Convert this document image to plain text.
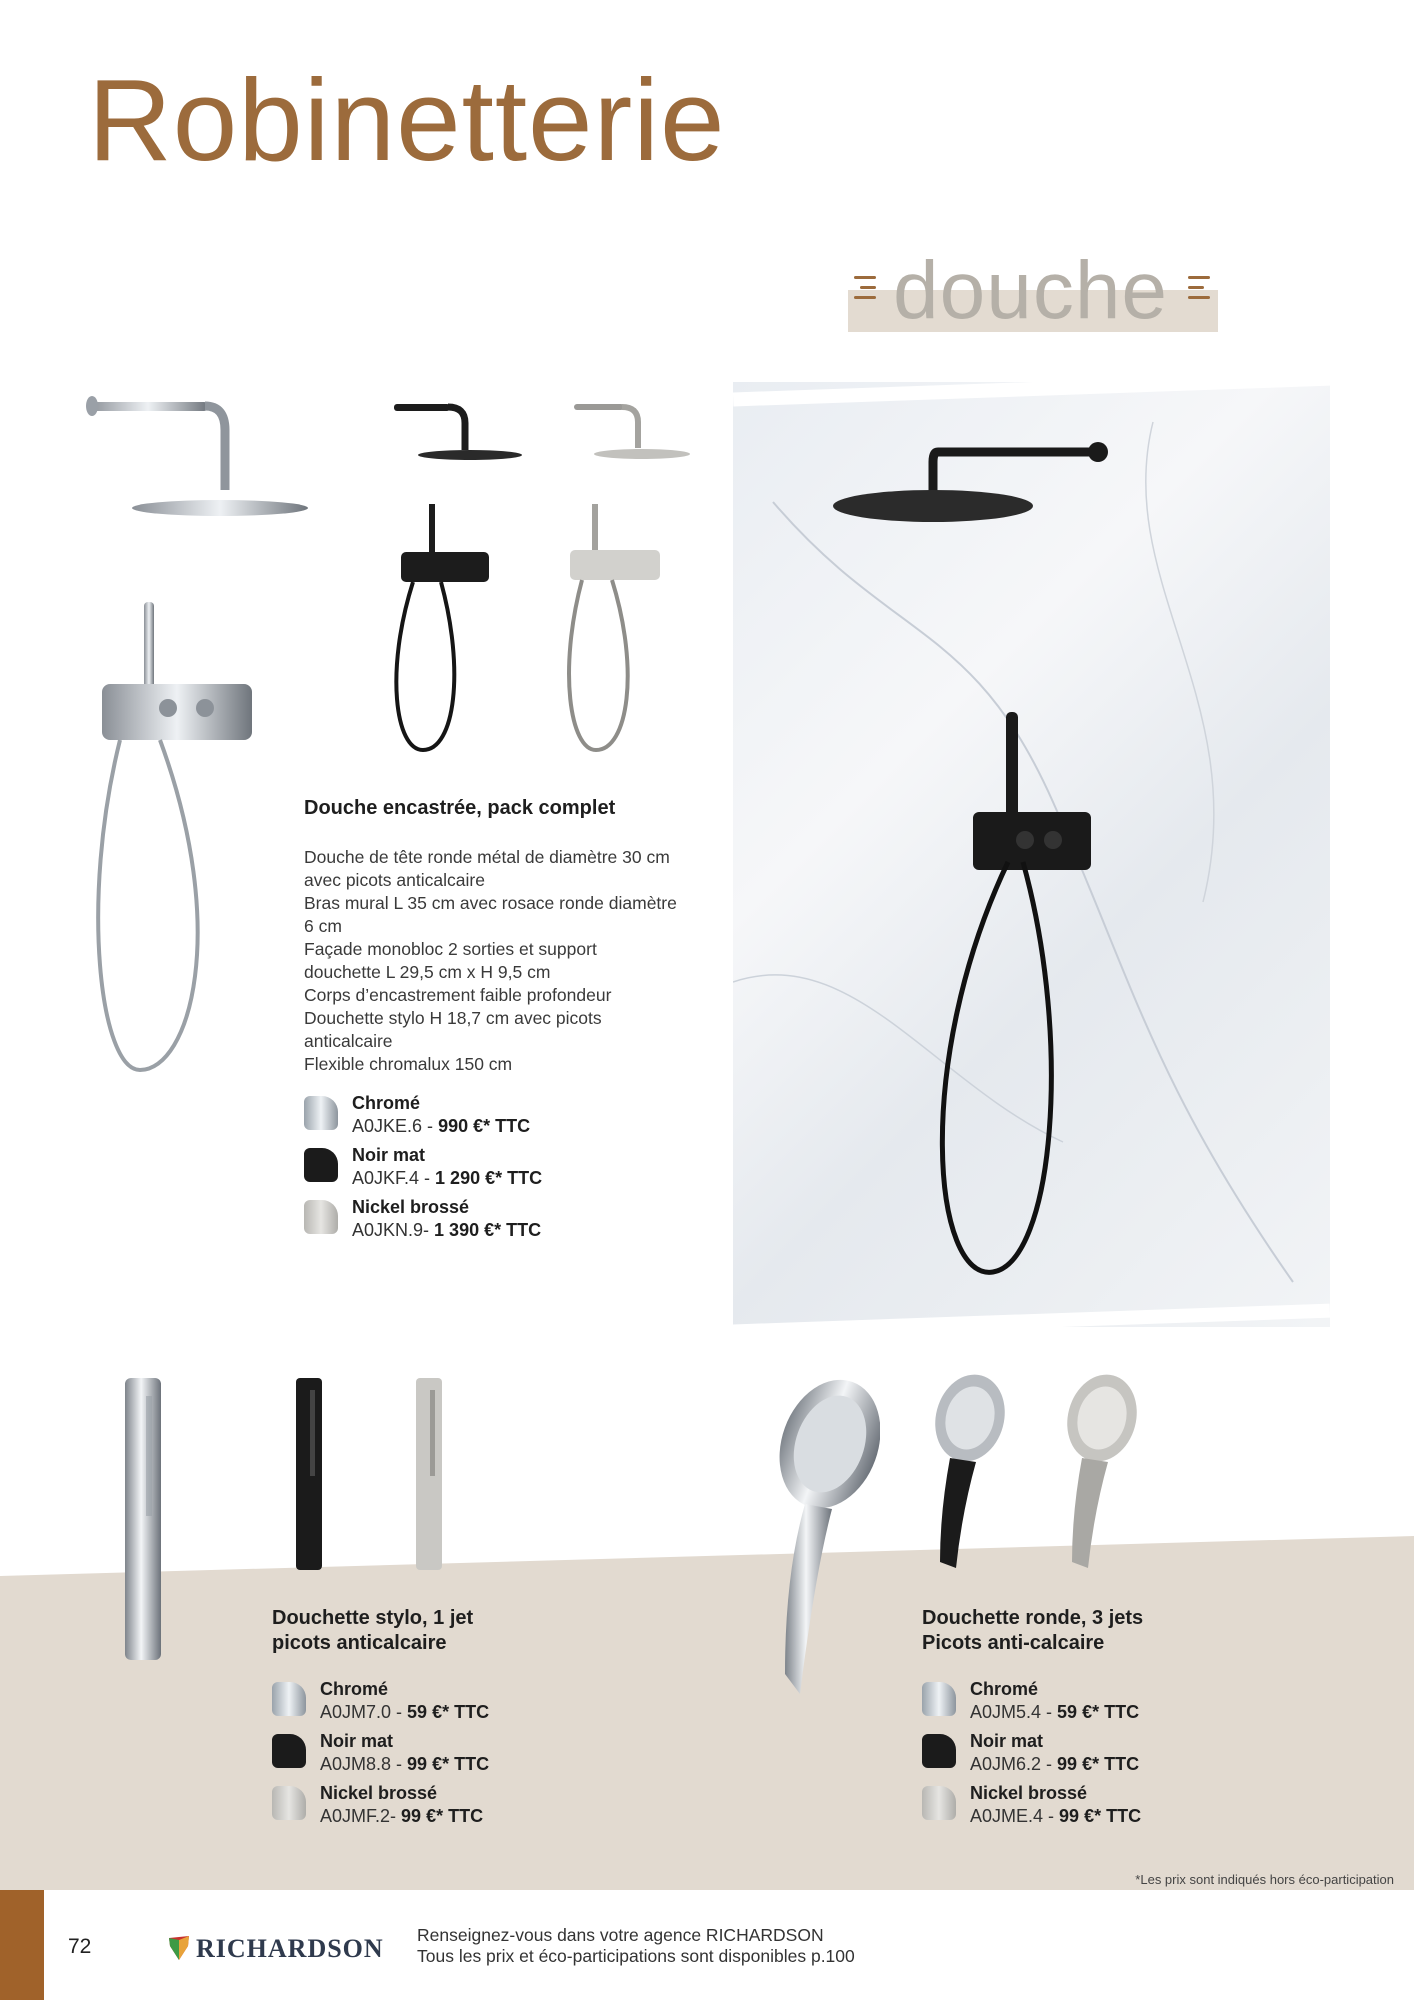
Robinetterie
douche
Douche encastrée, pack complet
Douche de tête ronde métal de diamètre 30 cm
avec picots anticalcaire
Bras mural L 35 cm avec rosace ronde diamètre
6 cm
Façade monobloc 2 sorties et support
douchette L 29,5 cm x H 9,5 cm
Corps d’encastrement faible profondeur
Douchette stylo H 18,7 cm avec picots
anticalcaire
Flexible chromalux 150 cm
Chromé
A0JKE.6 - 990 €* TTC
Noir mat
A0JKF.4 - 1 290 €* TTC
Nickel brossé
A0JKN.9- 1 390 €* TTC
Douchette stylo, 1 jet
picots anticalcaire
Chromé
A0JM7.0 - 59 €* TTC
Noir mat
A0JM8.8 - 99 €* TTC
Nickel brossé
A0JMF.2- 99 €* TTC
Douchette ronde, 3 jets
Picots anti-calcaire
Chromé
A0JM5.4 - 59 €* TTC
Noir mat
A0JM6.2 - 99 €* TTC
Nickel brossé
A0JME.4 - 99 €* TTC
*Les prix sont indiqués hors éco-participation
72	RICHARDSON Renseignez-vous dans votre agence RICHARDSON
Tous les prix et éco-participations sont disponibles p.100
